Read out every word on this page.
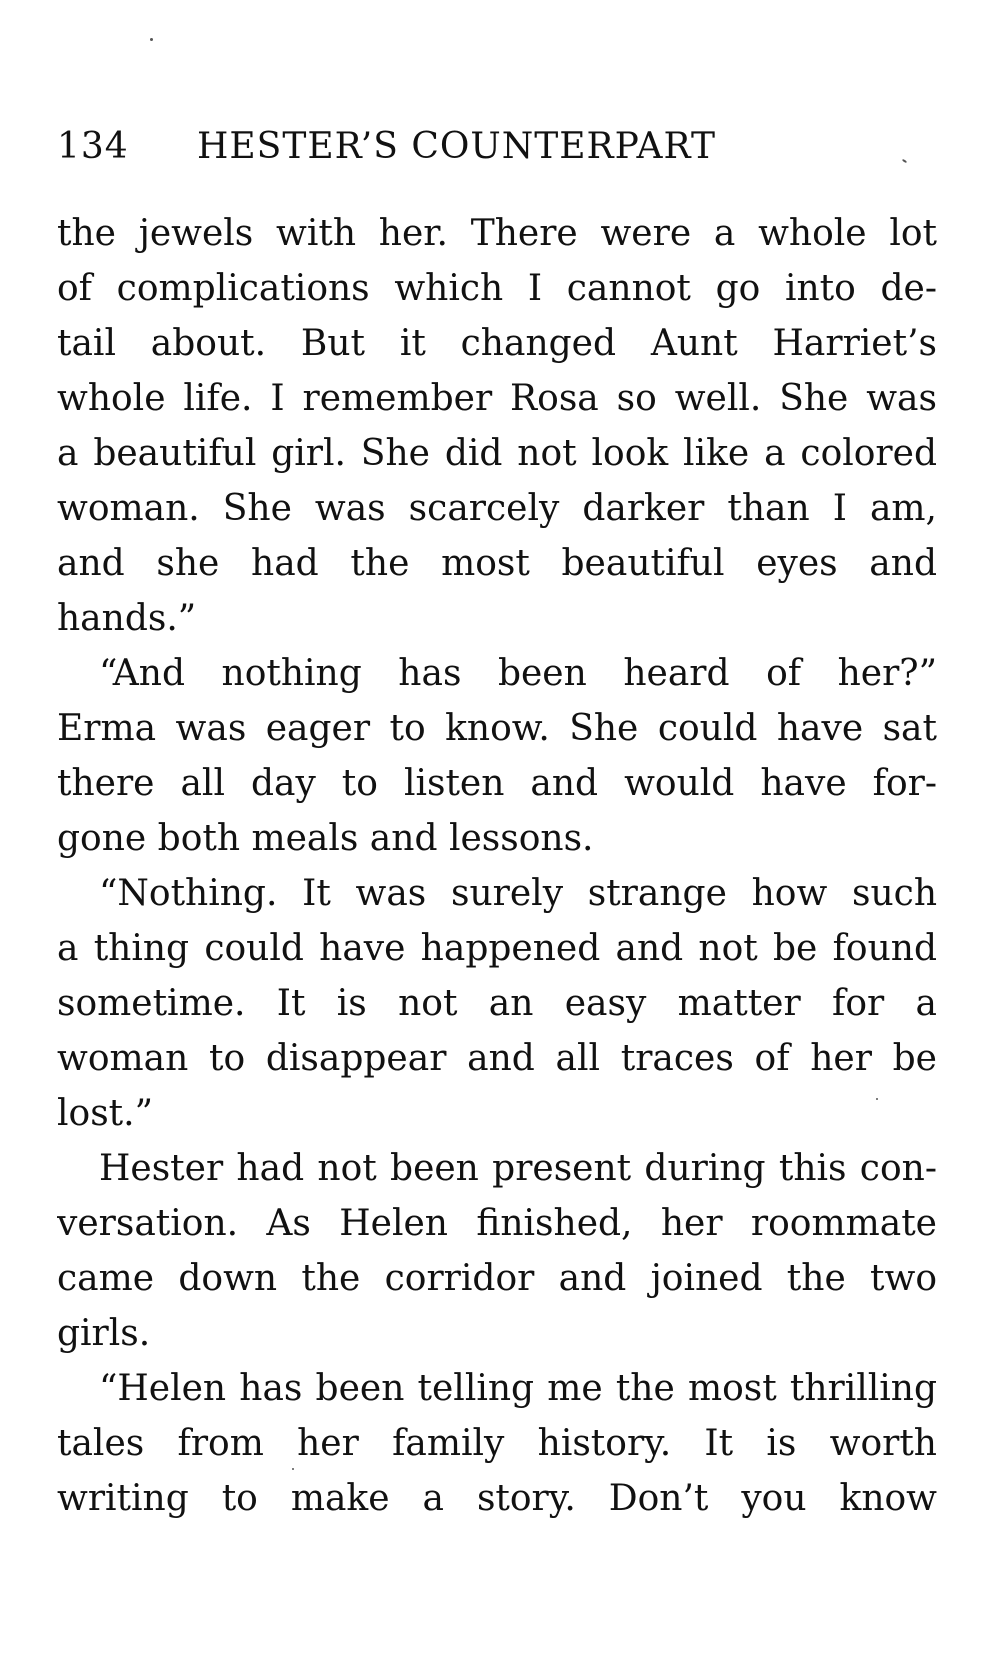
134 HESTER’S COUNTERPART
the jewels with her. There were a whole lot
of complications which I cannot go into de-
tail about. But it changed Aunt Harriet’s
whole life. I remember Rosa so well. She was
a beautiful girl. She did not look like a colored
woman. She was scarcely darker than I am,
and she had the most beautiful eyes and
hands.”
“And nothing has been heard of her?”
Erma was eager to know. She could have sat
there all day to listen and would have for-
gone both meals and lessons.
“Nothing. It was surely strange how such
a thing could have happened and not be found
sometime. It is not an easy matter for a
woman to disappear and all traces of her be
lost.”
Hester had not been present during this con-
versation. As Helen finished, her roommate
came down the corridor and joined the two
girls.
“Helen has been telling me the most thrilling
tales from her family history. It is worth
writing to make a story. Don’t you know
